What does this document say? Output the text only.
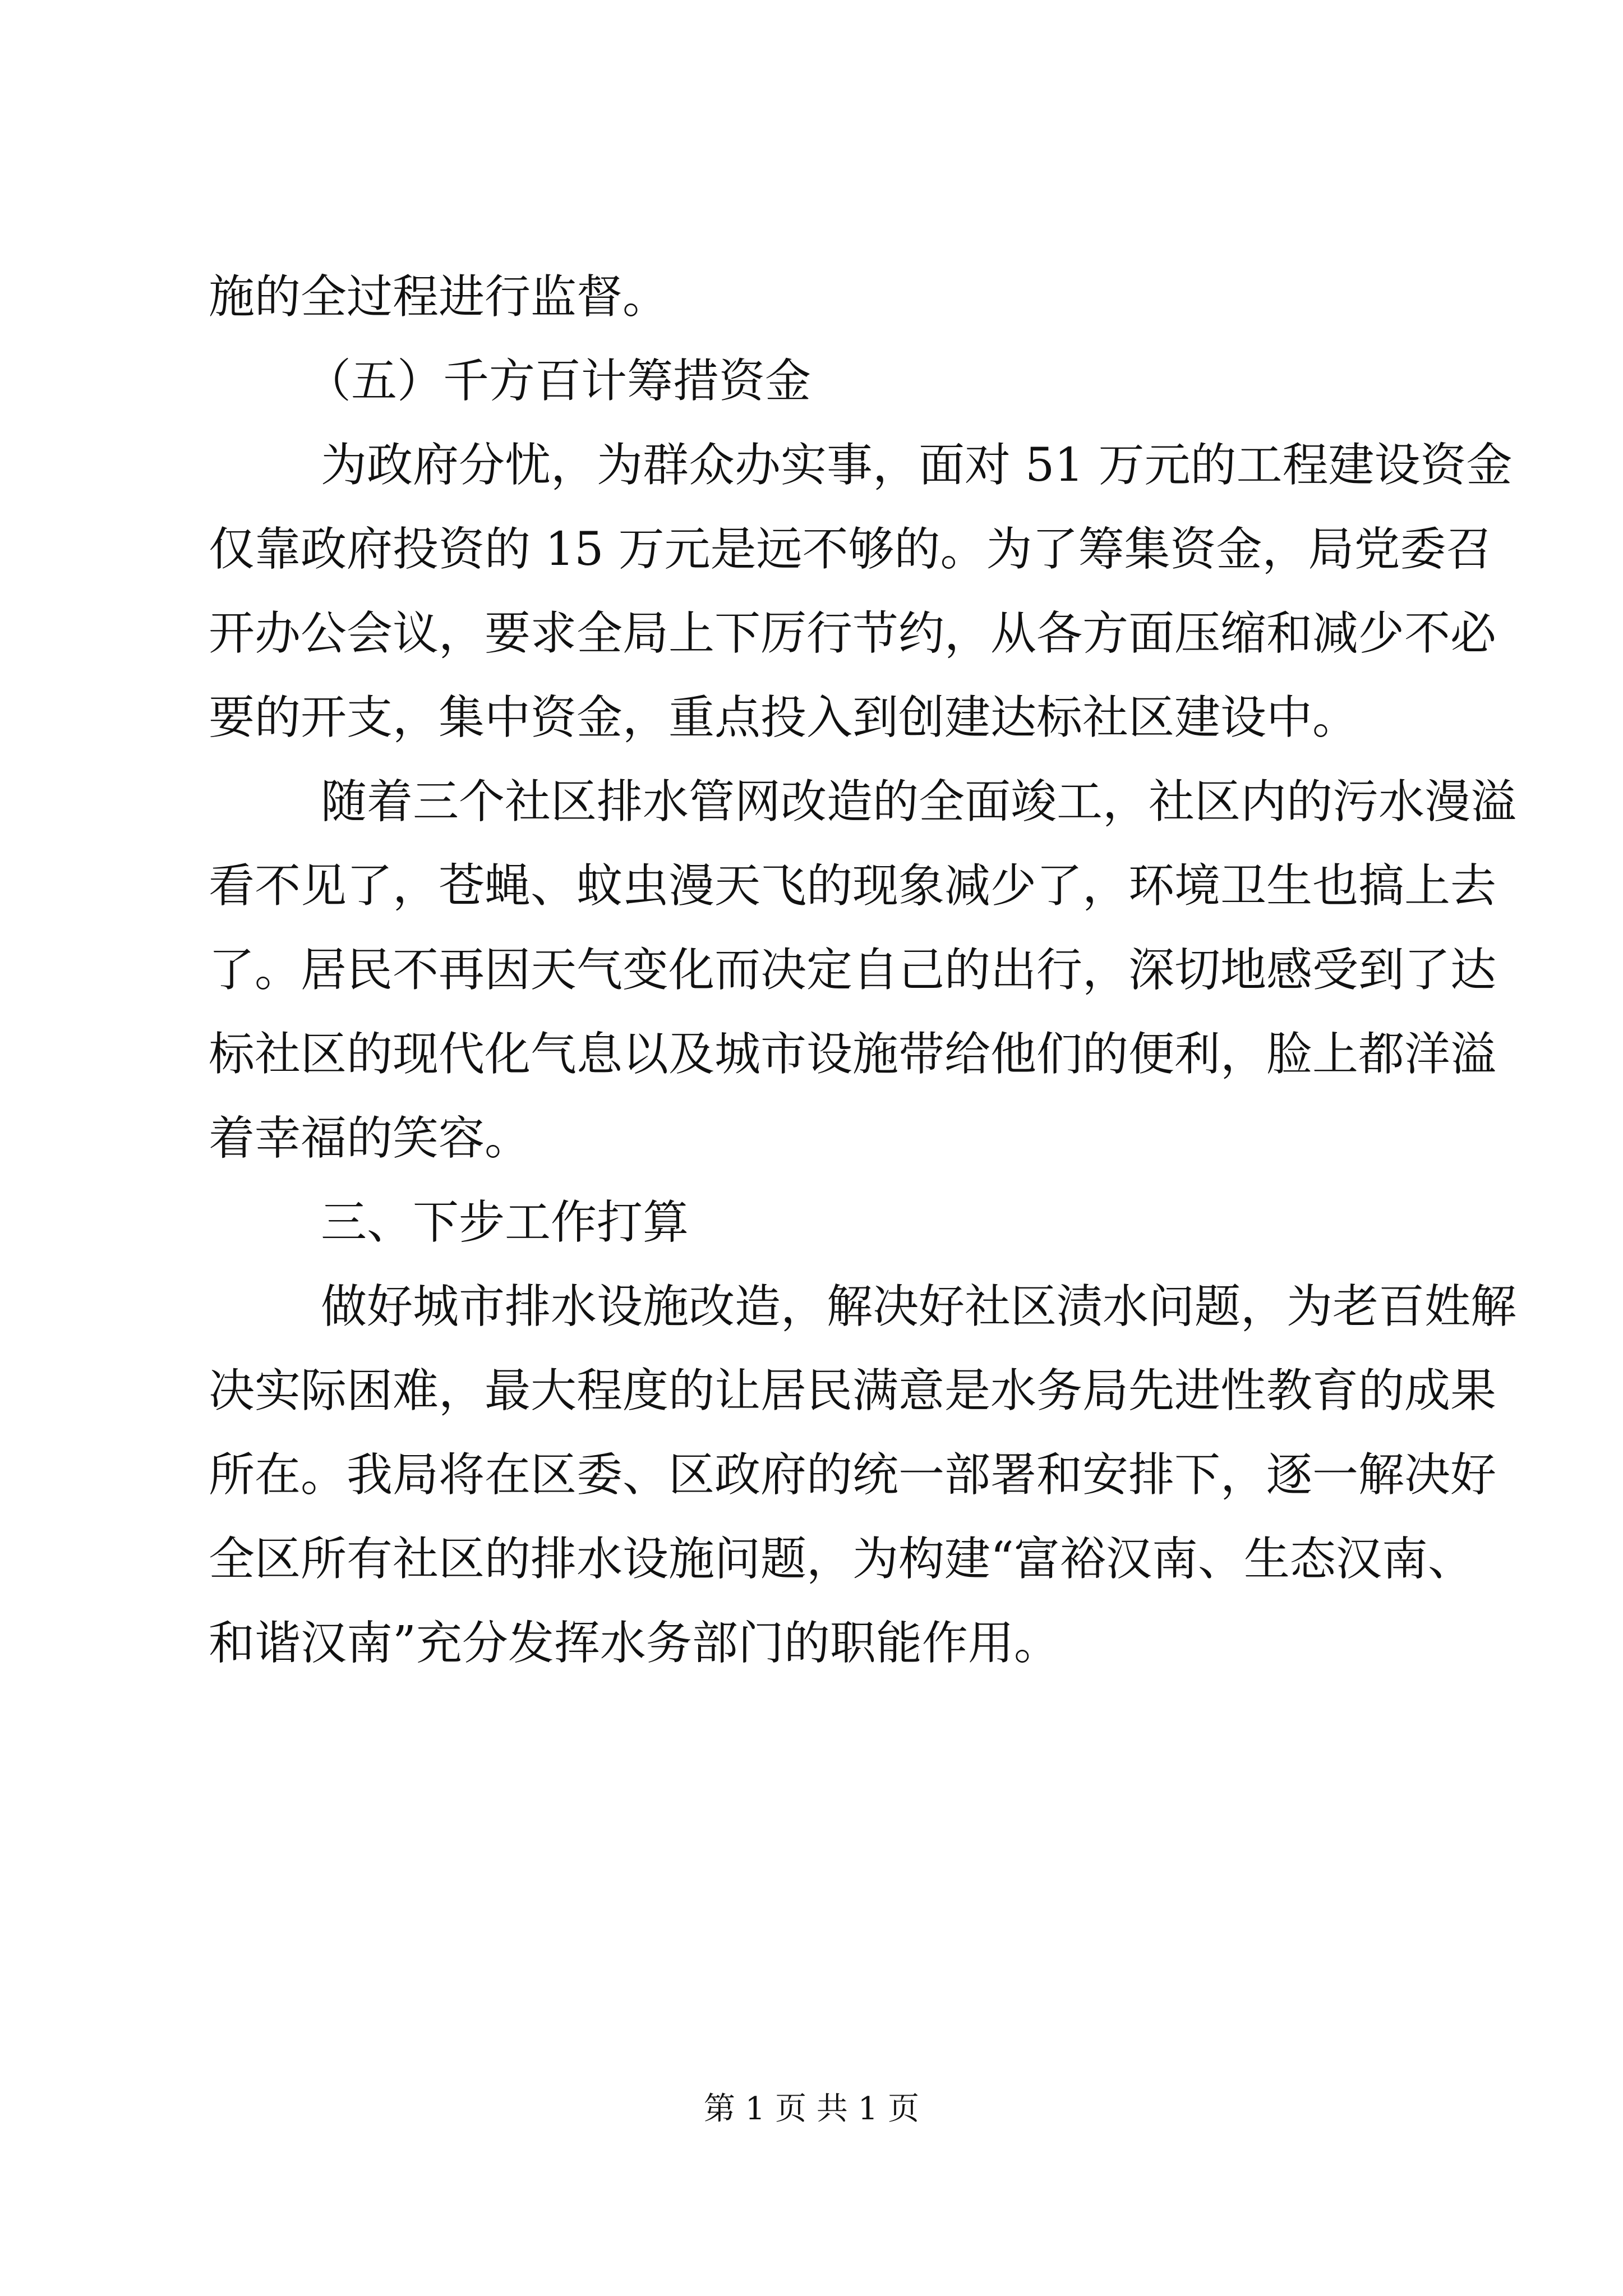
施的全过程进行监督。
（五）千方百计筹措资金
为政府分忧，为群众办实事，面对 51 万元的工程建设资金
仅靠政府投资的 15 万元是远不够的。为了筹集资金，局党委召
开办公会议，要求全局上下厉行节约，从各方面压缩和减少不必
要的开支，集中资金，重点投入到创建达标社区建设中。
随着三个社区排水管网改造的全面竣工，社区内的污水漫溢
看不见了，苍蝇、蚊虫漫天飞的现象减少了，环境卫生也搞上去
了。居民不再因天气变化而决定自己的出行，深切地感受到了达
标社区的现代化气息以及城市设施带给他们的便利，脸上都洋溢
着幸福的笑容。
三、下步工作打算
做好城市排水设施改造，解决好社区渍水问题，为老百姓解
决实际困难，最大程度的让居民满意是水务局先进性教育的成果
所在。我局将在区委、区政府的统一部署和安排下，逐一解决好
全区所有社区的排水设施问题，为构建“富裕汉南、生态汉南、
和谐汉南”充分发挥水务部门的职能作用。
第 1 页 共 1 页
